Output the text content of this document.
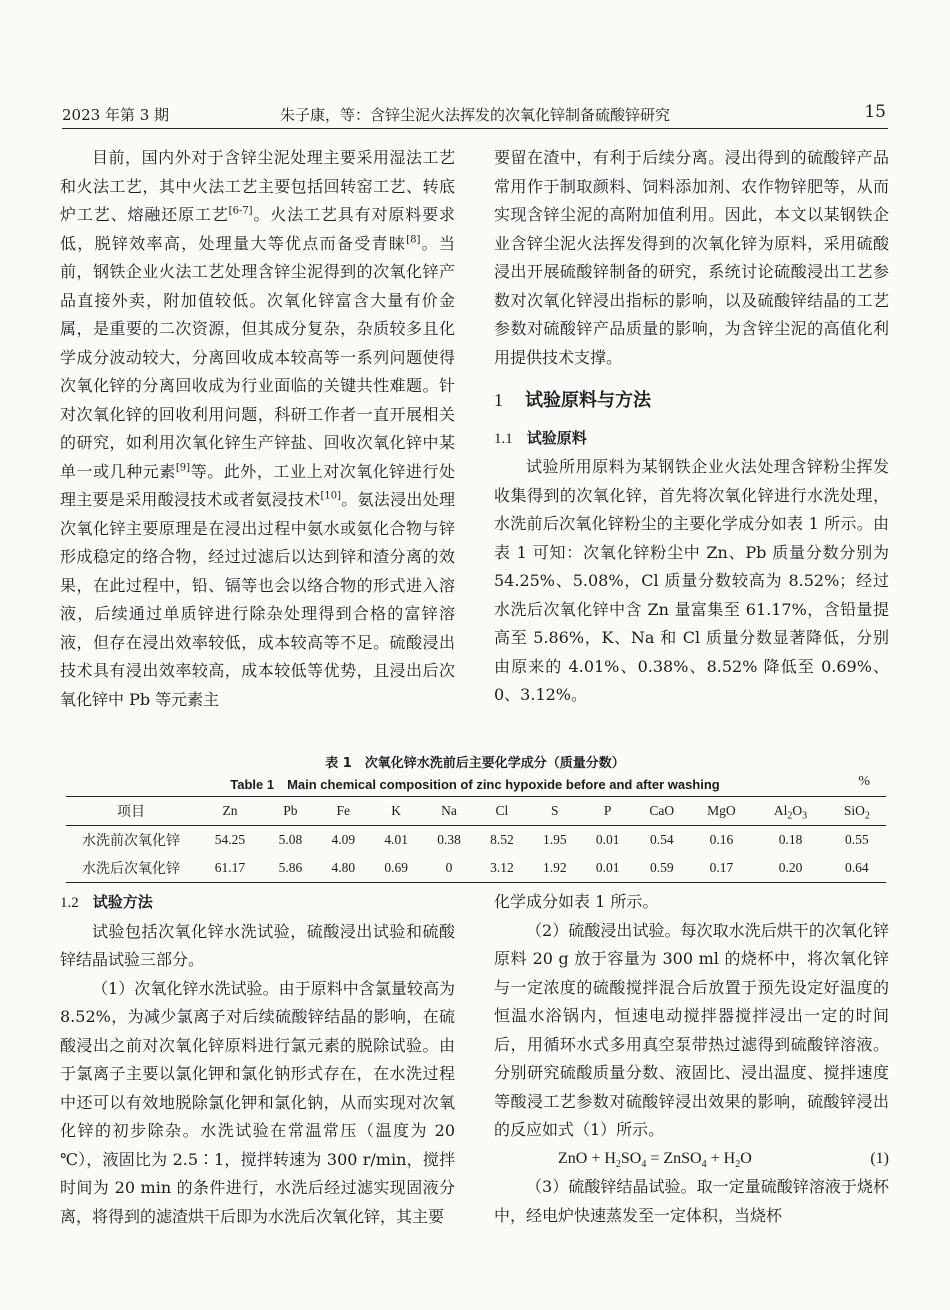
2023 年第 3 期	朱子康，等：含锌尘泥火法挥发的次氧化锌制备硫酸锌研究	15

目前，国内外对于含锌尘泥处理主要采用湿法工艺和火法工艺，其中火法工艺主要包括回转窑工艺、转底炉工艺、熔融还原工艺[6-7]。火法工艺具有对原料要求低，脱锌效率高，处理量大等优点而备受青睐[8]。当前，钢铁企业火法工艺处理含锌尘泥得到的次氧化锌产品直接外卖，附加值较低。次氧化锌富含大量有价金属，是重要的二次资源，但其成分复杂，杂质较多且化学成分波动较大，分离回收成本较高等一系列问题使得次氧化锌的分离回收成为行业面临的关键共性难题。针对次氧化锌的回收利用问题，科研工作者一直开展相关的研究，如利用次氧化锌生产锌盐、回收次氧化锌中某单一或几种元素[9]等。此外，工业上对次氧化锌进行处理主要是采用酸浸技术或者氨浸技术[10]。氨法浸出处理次氧化锌主要原理是在浸出过程中氨水或氨化合物与锌形成稳定的络合物，经过过滤后以达到锌和渣分离的效果，在此过程中，铅、镉等也会以络合物的形式进入溶液，后续通过单质锌进行除杂处理得到合格的富锌溶液，但存在浸出效率较低，成本较高等不足。硫酸浸出技术具有浸出效率较高，成本较低等优势，且浸出后次氧化锌中 Pb 等元素主

要留在渣中，有利于后续分离。浸出得到的硫酸锌产品常用作于制取颜料、饲料添加剂、农作物锌肥等，从而实现含锌尘泥的高附加值利用。因此，本文以某钢铁企业含锌尘泥火法挥发得到的次氧化锌为原料，采用硫酸浸出开展硫酸锌制备的研究，系统讨论硫酸浸出工艺参数对次氧化锌浸出指标的影响，以及硫酸锌结晶的工艺参数对硫酸锌产品质量的影响，为含锌尘泥的高值化利用提供技术支撑。

1 试验原料与方法
1.1 试验原料

试验所用原料为某钢铁企业火法处理含锌粉尘挥发收集得到的次氧化锌，首先将次氧化锌进行水洗处理，水洗前后次氧化锌粉尘的主要化学成分如表 1 所示。由表 1 可知：次氧化锌粉尘中 Zn、Pb 质量分数分别为 54.25%、5.08%，Cl 质量分数较高为 8.52%；经过水洗后次氧化锌中含 Zn 量富集至 61.17%，含铅量提高至 5.86%，K、Na 和 Cl 质量分数显著降低，分别由原来的 4.01%、0.38%、8.52% 降低至 0.69%、0、3.12%。

表 1　次氧化锌水洗前后主要化学成分（质量分数）
Table 1　Main chemical composition of zinc hypoxide before and after washing	%
项目	Zn	Pb	Fe	K	Na	Cl	S	P	CaO	MgO	$Al_2O_3$	SiO$_2$
水洗前次氧化锌	54.25	5.08	4.09	4.01	0.38	8.52	1.95	0.01	0.54	0.16	0.18	0.55
水洗后次氧化锌	61.17	5.86	4.80	0.69	0	3.12	1.92	0.01	0.59	0.17	0.20	0.64
1.2 试验方法

试验包括次氧化锌水洗试验，硫酸浸出试验和硫酸锌结晶试验三部分。

（1）次氧化锌水洗试验。由于原料中含氯量较高为 8.52%，为减少氯离子对后续硫酸锌结晶的影响，在硫酸浸出之前对次氧化锌原料进行氯元素的脱除试验。由于氯离子主要以氯化钾和氯化钠形式存在，在水洗过程中还可以有效地脱除氯化钾和氯化钠，从而实现对次氧化锌的初步除杂。水洗试验在常温常压（温度为 20 ℃），液固比为 2.5∶1，搅拌转速为 300 r/min，搅拌时间为 20 min 的条件进行，水洗后经过滤实现固液分离，将得到的滤渣烘干后即为水洗后次氧化锌，其主要

化学成分如表 1 所示。

（2）硫酸浸出试验。每次取水洗后烘干的次氧化锌原料 20 g 放于容量为 300 ml 的烧杯中，将次氧化锌与一定浓度的硫酸搅拌混合后放置于预先设定好温度的恒温水浴锅内，恒速电动搅拌器搅拌浸出一定的时间后，用循环水式多用真空泵带热过滤得到硫酸锌溶液。分别研究硫酸质量分数、液固比、浸出温度、搅拌速度等酸浸工艺参数对硫酸锌浸出效果的影响，硫酸锌浸出的反应如式（1）所示。

ZnO + $H_2SO_4$ = ZnSO$_4$ + $H_2O$	(1)

（3）硫酸锌结晶试验。取一定量硫酸锌溶液于烧杯中，经电炉快速蒸发至一定体积，当烧杯
